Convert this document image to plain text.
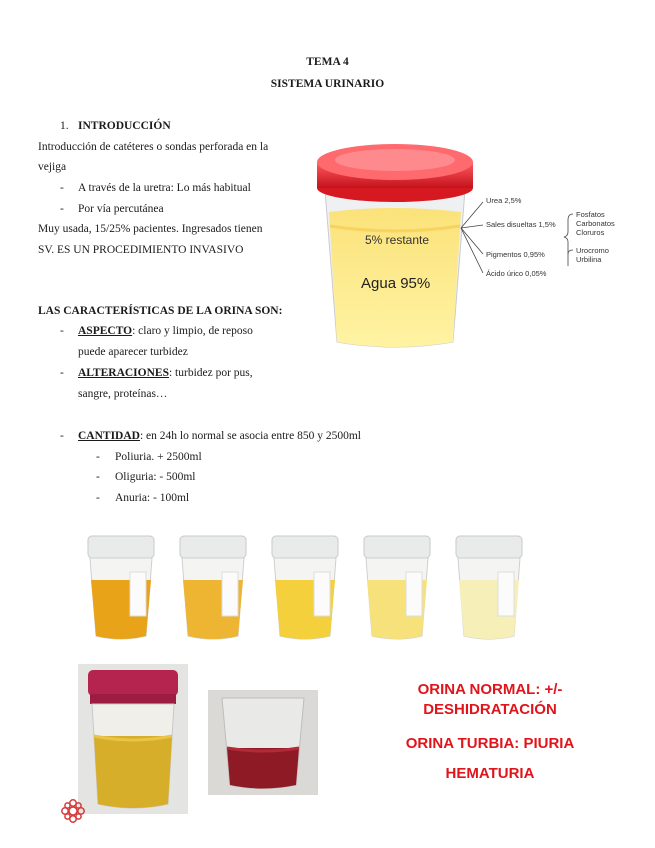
TEMA 4
SISTEMA URINARIO
1. INTRODUCCIÓN
Introducción de catéteres o sondas perforada en la
vejiga
- A través de la uretra: Lo más habitual
- Por vía percutánea
Muy usada, 15/25% pacientes. Ingresados tienen
SV. ES UN PROCEDIMIENTO INVASIVO
LAS CARACTERÍSTICAS DE LA ORINA SON:
- ASPECTO: claro y limpio, de reposo
puede aparecer turbidez
- ALTERACIONES: turbidez por pus,
sangre, proteínas…
- CANTIDAD: en 24h lo normal se asocia entre 850 y 2500ml
- Poliuria. + 2500ml
- Oliguria: - 500ml
- Anuria: - 100ml
5% restante
Agua 95%
Urea 2,5%
Sales disueltas 1,5%
Pigmentos 0,95%
Ácido úrico 0,05%
Fosfatos
Carbonatos
Cloruros
Urocromo
Urbilina
ORINA NORMAL: +/-
DESHIDRATACIÓN
ORINA TURBIA: PIURIA
HEMATURIA
